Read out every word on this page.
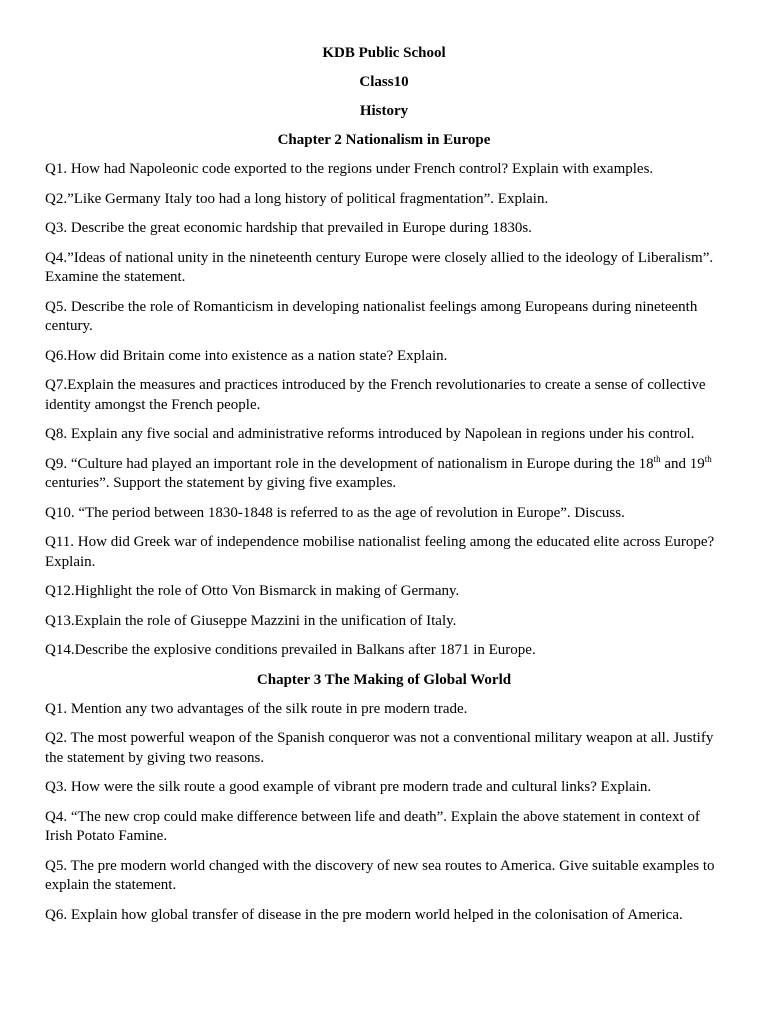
KDB Public School
Class10
History
Chapter 2 Nationalism in Europe
Q1. How had Napoleonic code exported to the regions under French control? Explain with examples.
Q2.”Like Germany Italy too had a long history of political fragmentation”. Explain.
Q3. Describe the great economic hardship that prevailed in Europe during 1830s.
Q4.”Ideas of national unity in the nineteenth century Europe were closely allied to the ideology of Liberalism”. Examine the statement.
Q5. Describe the role of Romanticism in developing nationalist feelings among Europeans during nineteenth century.
Q6.How did Britain come into existence as a nation state? Explain.
Q7.Explain the measures and practices introduced by the French revolutionaries to create a sense of collective identity amongst the French people.
Q8. Explain any five social and administrative reforms introduced by Napolean in regions under his control.
Q9. “Culture had played an important role in the development of nationalism in Europe during the 18th and 19th centuries”. Support the statement by giving five examples.
Q10. “The period between 1830-1848 is referred to as the age of revolution in Europe”. Discuss.
Q11. How did Greek war of independence mobilise nationalist feeling among the educated elite across Europe? Explain.
Q12.Highlight the role of Otto Von Bismarck in making of Germany.
Q13.Explain the role of Giuseppe Mazzini in the unification of Italy.
Q14.Describe the explosive conditions prevailed in Balkans after 1871 in Europe.
Chapter 3 The Making of Global World
Q1. Mention any two advantages of the silk route in pre modern trade.
Q2. The most powerful weapon of the Spanish conqueror was not a conventional military weapon at all. Justify the statement by giving two reasons.
Q3. How were the silk route a good example of vibrant pre modern trade and cultural links? Explain.
Q4. “The new crop could make difference between life and death”. Explain the above statement in context of Irish Potato Famine.
Q5. The pre modern world changed with the discovery of new sea routes to America. Give suitable examples to explain the statement.
Q6. Explain how global transfer of disease in the pre modern world helped in the colonisation of America.
